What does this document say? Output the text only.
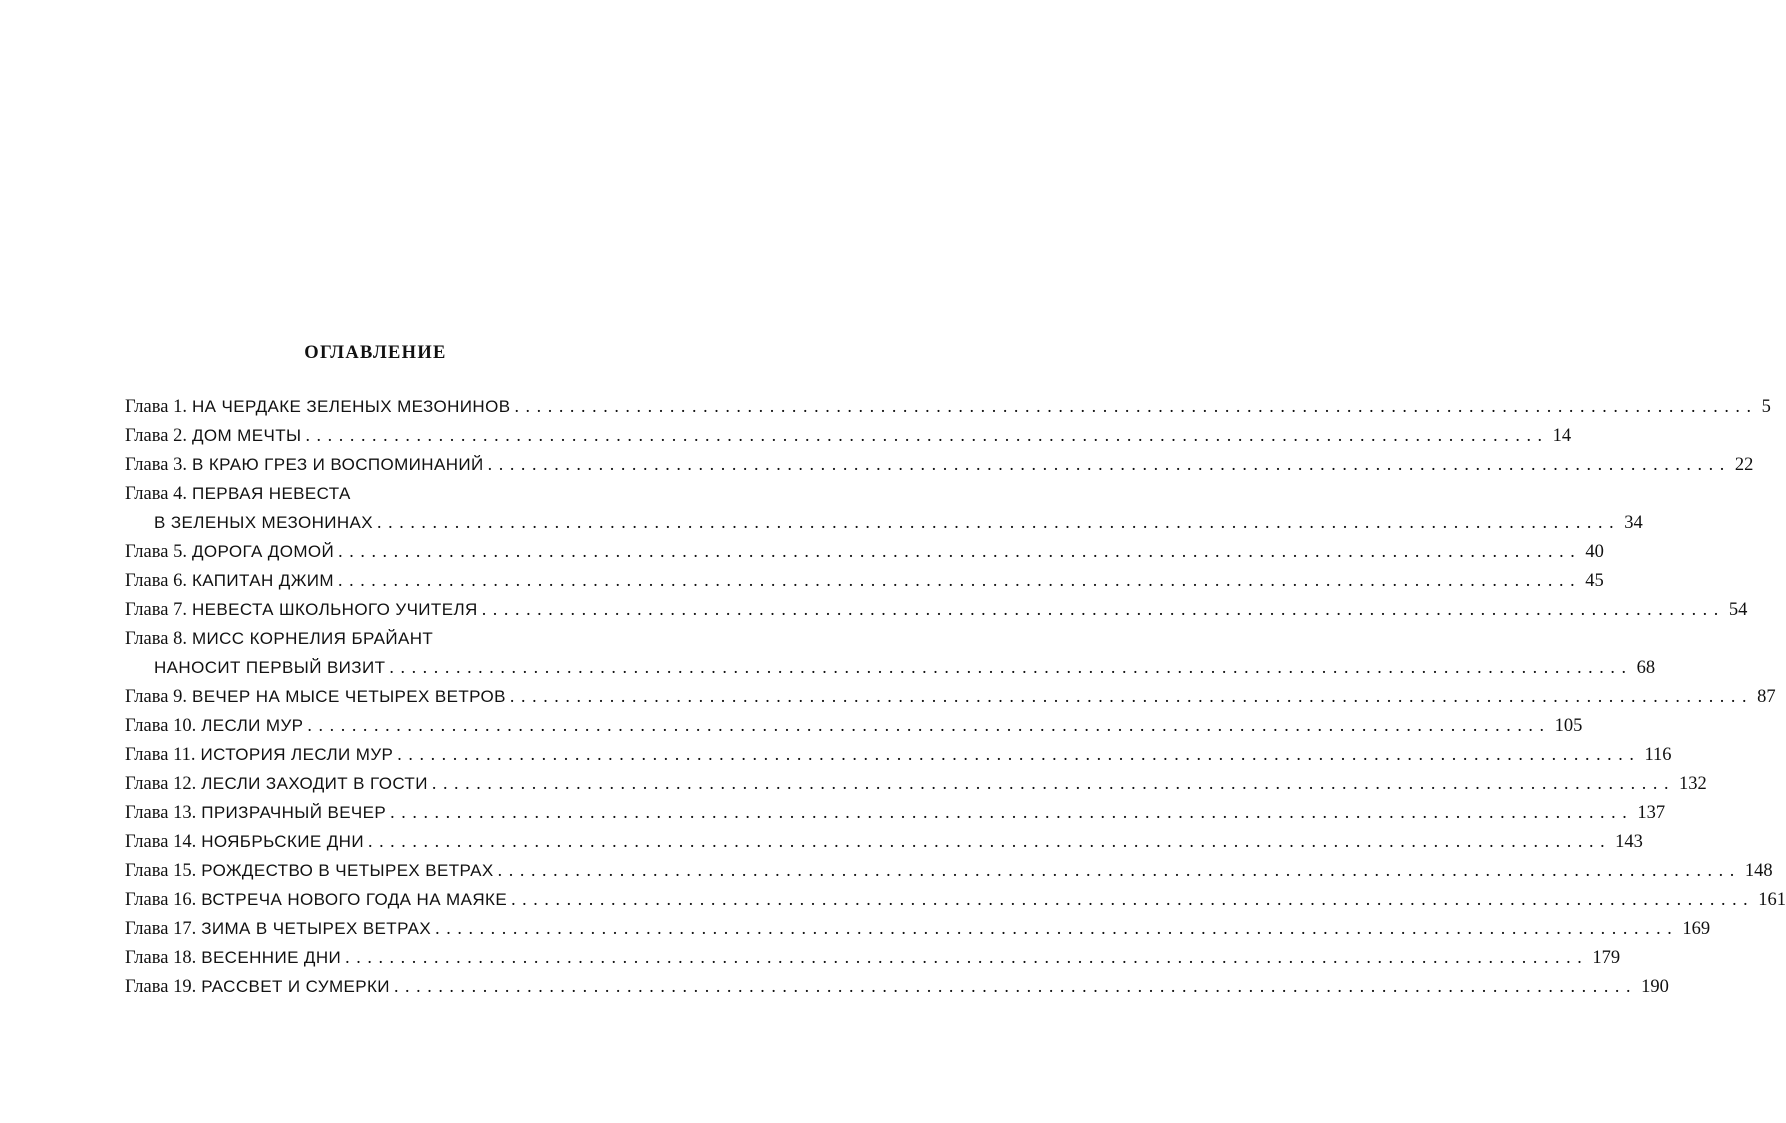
ОГЛАВЛЕНИЕ
Глава 1. НА ЧЕРДАКЕ ЗЕЛЕНЫХ МЕЗОНИНОВ ................................................................................................................ 5
Глава 2. ДОМ МЕЧТЫ ................................................................................................................ 14
Глава 3. В КРАЮ ГРЕЗ И ВОСПОМИНАНИЙ ................................................................................................................ 22
Глава 4. ПЕРВАЯ НЕВЕСТА
В ЗЕЛЕНЫХ МЕЗОНИНАХ ................................................................................................................ 34
Глава 5. ДОРОГА ДОМОЙ ................................................................................................................ 40
Глава 6. КАПИТАН ДЖИМ ................................................................................................................ 45
Глава 7. НЕВЕСТА ШКОЛЬНОГО УЧИТЕЛЯ ................................................................................................................ 54
Глава 8. МИСС КОРНЕЛИЯ БРАЙАНТ
НАНОСИТ ПЕРВЫЙ ВИЗИТ ................................................................................................................ 68
Глава 9. ВЕЧЕР НА МЫСЕ ЧЕТЫРЕХ ВЕТРОВ ................................................................................................................ 87
Глава 10. ЛЕСЛИ МУР ................................................................................................................ 105
Глава 11. ИСТОРИЯ ЛЕСЛИ МУР ................................................................................................................ 116
Глава 12. ЛЕСЛИ ЗАХОДИТ В ГОСТИ ................................................................................................................ 132
Глава 13. ПРИЗРАЧНЫЙ ВЕЧЕР ................................................................................................................ 137
Глава 14. НОЯБРЬСКИЕ ДНИ ................................................................................................................ 143
Глава 15. РОЖДЕСТВО В ЧЕТЫРЕХ ВЕТРАХ ................................................................................................................ 148
Глава 16. ВСТРЕЧА НОВОГО ГОДА НА МАЯКЕ ................................................................................................................ 161
Глава 17. ЗИМА В ЧЕТЫРЕХ ВЕТРАХ ................................................................................................................ 169
Глава 18. ВЕСЕННИЕ ДНИ ................................................................................................................ 179
Глава 19. РАССВЕТ И СУМЕРКИ ................................................................................................................ 190
